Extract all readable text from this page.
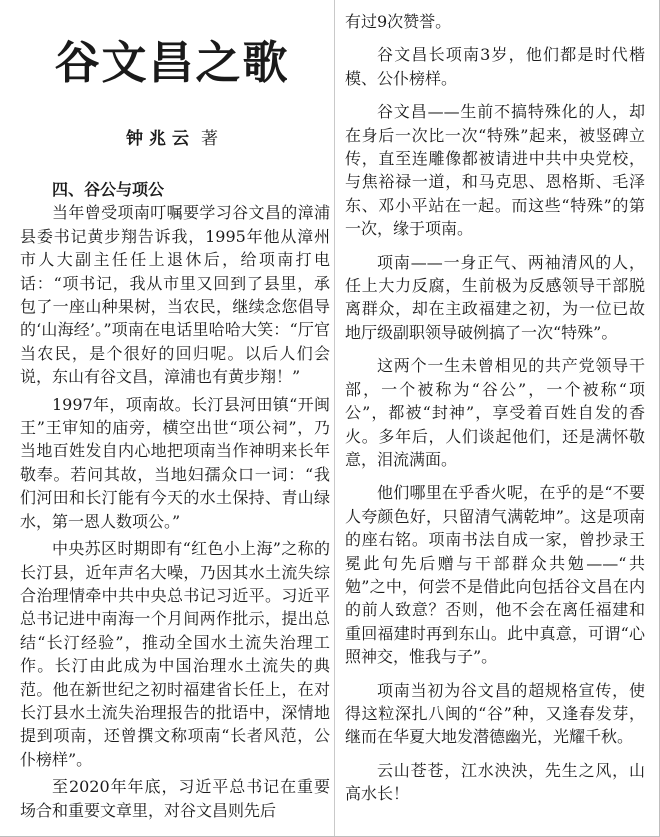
谷文昌之歌
钟兆云 著

四、谷公与项公

当年曾受项南叮嘱要学习谷文昌的漳浦县委书记黄步翔告诉我，1995年他从漳州市人大副主任任上退休后，给项南打电话：“项书记，我从市里又回到了县里，承包了一座山种果树，当农民，继续念您倡导的‘山海经’。”项南在电话里哈哈大笑：“厅官当农民，是个很好的回归呢。以后人们会说，东山有谷文昌，漳浦也有黄步翔！”

1997年，项南故。长汀县河田镇“开闽王”王审知的庙旁，横空出世“项公祠”，乃当地百姓发自内心地把项南当作神明来长年敬奉。若问其故，当地妇孺众口一词：“我们河田和长汀能有今天的水土保持、青山绿水，第一恩人数项公。”

中央苏区时期即有“红色小上海”之称的长汀县，近年声名大噪，乃因其水土流失综合治理情牵中共中央总书记习近平。习近平总书记进中南海一个月间两作批示，提出总结“长汀经验”，推动全国水土流失治理工作。长汀由此成为中国治理水土流失的典范。他在新世纪之初时福建省长任上，在对长汀县水土流失治理报告的批语中，深情地提到项南，还曾撰文称项南“长者风范，公仆榜样”。

至2020年年底，习近平总书记在重要场合和重要文章里，对谷文昌则先后

有过9次赞誉。

谷文昌长项南3岁，他们都是时代楷模、公仆榜样。

谷文昌——生前不搞特殊化的人，却在身后一次比一次“特殊”起来，被竖碑立传，直至连雕像都被请进中共中央党校，与焦裕禄一道，和马克思、恩格斯、毛泽东、邓小平站在一起。而这些“特殊”的第一次，缘于项南。

项南——一身正气、两袖清风的人，任上大力反腐，生前极为反感领导干部脱离群众，却在主政福建之初，为一位已故地厅级副职领导破例搞了一次“特殊”。

这两个一生未曾相见的共产党领导干部，一个被称为“谷公”，一个被称“项公”，都被“封神”，享受着百姓自发的香火。多年后，人们谈起他们，还是满怀敬意，泪流满面。

他们哪里在乎香火呢，在乎的是“不要人夸颜色好，只留清气满乾坤”。这是项南的座右铭。项南书法自成一家，曾抄录王冕此句先后赠与干部群众共勉——“共勉”之中，何尝不是借此向包括谷文昌在内的前人致意？否则，他不会在离任福建和重回福建时再到东山。此中真意，可谓“心照神交，惟我与子”。

项南当初为谷文昌的超规格宣传，使得这粒深扎八闽的“谷”种，又逢春发芽，继而在华夏大地发潜德幽光，光耀千秋。

云山苍苍，江水泱泱，先生之风，山高水长！
